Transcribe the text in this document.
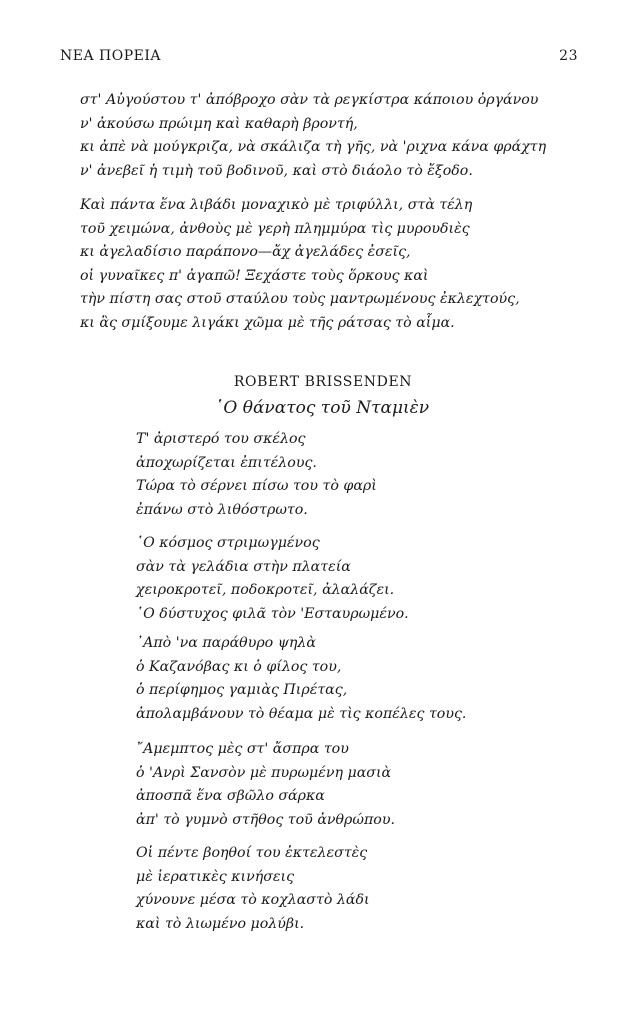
ΝΕΑ ΠΟΡΕΙΑ	23
στ' Αὐγούστου τ' ἀπόβροχο σὰν τὰ ρεγκίστρα κάποιου ὀργάνου
ν' ἀκούσω πρώιμη καὶ καθαρὴ βροντή,
κι ἀπὲ νὰ μούγκριζα, νὰ σκάλιζα τὴ γῆς, νὰ 'ριχνα κάνα φράχτη
ν' ἀνεβεῖ ἡ τιμὴ τοῦ βοδινοῦ, καὶ στὸ διάολο τὸ ἔξοδο.
Καὶ πάντα ἕνα λιβάδι μοναχικὸ μὲ τριφύλλι, στὰ τέλη
τοῦ χειμώνα, ἀνθοὺς μὲ γερὴ πλημμύρα τὶς μυρουδιὲς
κι ἀγελαδίσιο παράπονο—ἄχ ἀγελάδες ἐσεῖς,
οἱ γυναῖκες π' ἀγαπῶ! Ξεχάστε τοὺς ὅρκους καὶ
τὴν πίστη σας στοῦ σταύλου τοὺς μαντρωμένους ἐκλεχτούς,
κι ἂς σμίξουμε λιγάκι χῶμα μὲ τῆς ράτσας τὸ αἷμα.
ROBERT BRISSENDEN
῾Ο θάνατος τοῦ Νταμιὲν
Τ' ἀριστερό του σκέλος
ἀποχωρίζεται ἐπιτέλους.
Τώρα τὸ σέρνει πίσω του τὸ φαρὶ
ἐπάνω στὸ λιθόστρωτο.
῾Ο κόσμος στριμωγμένος
σὰν τὰ γελάδια στὴν πλατεία
χειροκροτεῖ, ποδοκροτεῖ, ἀλαλάζει.
῾Ο δύστυχος φιλᾶ τὸν 'Εσταυρωμένο.
᾿Απὸ 'να παράθυρο ψηλὰ
ὁ Καζανόβας κι ὁ φίλος του,
ὁ περίφημος γαμιὰς Πιρέτας,
ἀπολαμβάνουν τὸ θέαμα μὲ τὶς κοπέλες τους.
῎Αμεμπτος μὲς στ' ἄσπρα του
ὁ 'Ανρὶ Σανσὸν μὲ πυρωμένη μασιὰ
ἀποσπᾶ ἕνα σβῶλο σάρκα
ἀπ' τὸ γυμνὸ στῆθος τοῦ ἀνθρώπου.
Οἱ πέντε βοηθοί του ἐκτελεστὲς
μὲ ἱερατικὲς κινήσεις
χύνουνε μέσα τὸ κοχλαστὸ λάδι
καὶ τὸ λιωμένο μολύβι.
